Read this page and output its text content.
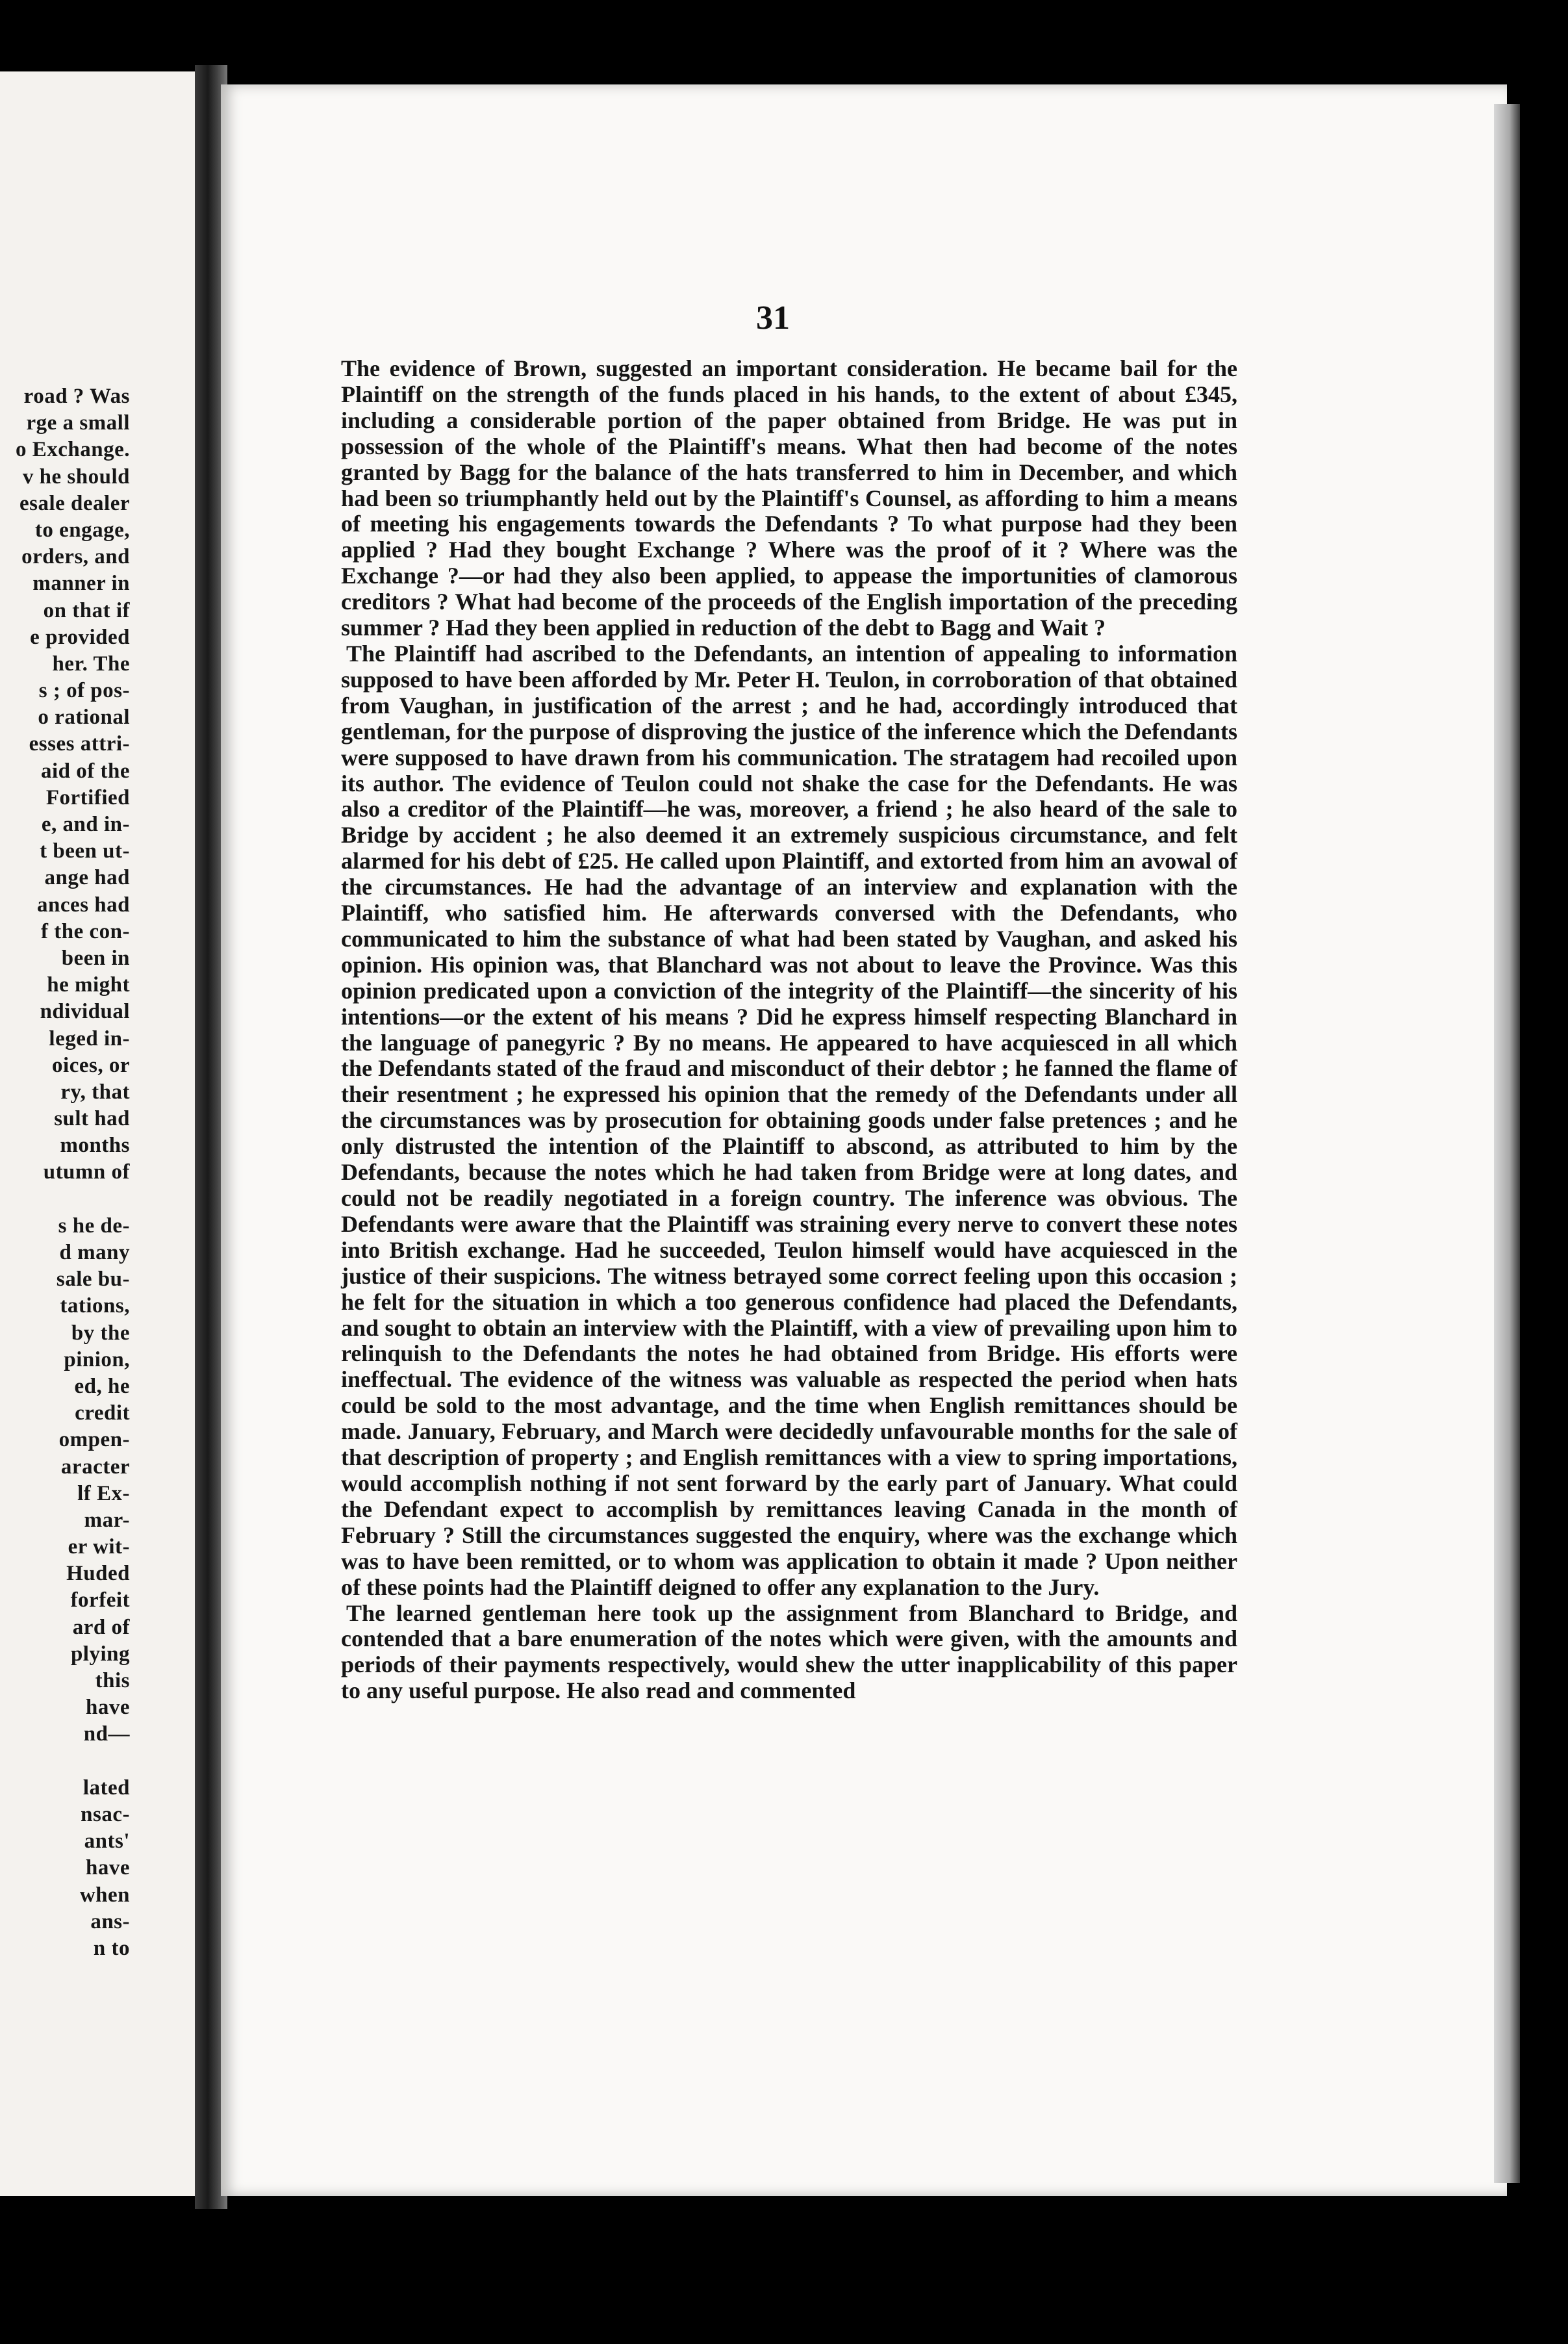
road ? Was
rge a small
o Exchange.
v he should
esale dealer
to engage,
orders, and
manner in
on that if
e provided
her. The
s ; of pos-
o rational
esses attri-
aid of the
Fortified
e, and in-
t been ut-
ange had
ances had
f the con-
been in
he might
ndividual
leged in-
oices, or
ry, that
sult had
months
utumn of
s he de-
d many
sale bu-
tations,
by the
pinion,
ed, he
credit
ompen-
aracter
lf Ex-
mar-
er wit-
Huded
forfeit
ard of
plying
this
have
nd—
lated
nsac-
ants'
have
when
ans-
n to
31

The evidence of Brown, suggested an important consideration. He became bail for the Plaintiff on the strength of the funds placed in his hands, to the extent of about £345, including a considerable portion of the paper obtained from Bridge. He was put in possession of the whole of the Plaintiff's means. What then had become of the notes granted by Bagg for the balance of the hats transferred to him in December, and which had been so triumphantly held out by the Plaintiff's Counsel, as affording to him a means of meeting his engagements towards the Defendants ? To what purpose had they been applied ? Had they bought Exchange ? Where was the proof of it ? Where was the Exchange ?—or had they also been applied, to appease the importunities of clamorous creditors ? What had become of the proceeds of the English importation of the preceding summer ? Had they been applied in reduction of the debt to Bagg and Wait ?

The Plaintiff had ascribed to the Defendants, an intention of appealing to information supposed to have been afforded by Mr. Peter H. Teulon, in corroboration of that obtained from Vaughan, in justification of the arrest ; and he had, accordingly introduced that gentleman, for the purpose of disproving the justice of the inference which the Defendants were supposed to have drawn from his communication. The stratagem had recoiled upon its author. The evidence of Teulon could not shake the case for the Defendants. He was also a creditor of the Plaintiff—he was, moreover, a friend ; he also heard of the sale to Bridge by accident ; he also deemed it an extremely suspicious circumstance, and felt alarmed for his debt of £25. He called upon Plaintiff, and extorted from him an avowal of the circumstances. He had the advantage of an interview and explanation with the Plaintiff, who satisfied him. He afterwards conversed with the Defendants, who communicated to him the substance of what had been stated by Vaughan, and asked his opinion. His opinion was, that Blanchard was not about to leave the Province. Was this opinion predicated upon a conviction of the integrity of the Plaintiff—the sincerity of his intentions—or the extent of his means ? Did he express himself respecting Blanchard in the language of panegyric ? By no means. He appeared to have acquiesced in all which the Defendants stated of the fraud and misconduct of their debtor ; he fanned the flame of their resentment ; he expressed his opinion that the remedy of the Defendants under all the circumstances was by prosecution for obtaining goods under false pretences ; and he only distrusted the intention of the Plaintiff to abscond, as attributed to him by the Defendants, because the notes which he had taken from Bridge were at long dates, and could not be readily negotiated in a foreign country. The inference was obvious. The Defendants were aware that the Plaintiff was straining every nerve to convert these notes into British exchange. Had he succeeded, Teulon himself would have acquiesced in the justice of their suspicions. The witness betrayed some correct feeling upon this occasion ; he felt for the situation in which a too generous confidence had placed the Defendants, and sought to obtain an interview with the Plaintiff, with a view of prevailing upon him to relinquish to the Defendants the notes he had obtained from Bridge. His efforts were ineffectual. The evidence of the witness was valuable as respected the period when hats could be sold to the most advantage, and the time when English remittances should be made. January, February, and March were decidedly unfavourable months for the sale of that description of property ; and English remittances with a view to spring importations, would accomplish nothing if not sent forward by the early part of January. What could the Defendant expect to accomplish by remittances leaving Canada in the month of February ? Still the circumstances suggested the enquiry, where was the exchange which was to have been remitted, or to whom was application to obtain it made ? Upon neither of these points had the Plaintiff deigned to offer any explanation to the Jury.

The learned gentleman here took up the assignment from Blanchard to Bridge, and contended that a bare enumeration of the notes which were given, with the amounts and periods of their payments respectively, would shew the utter inapplicability of this paper to any useful purpose. He also read and commented
